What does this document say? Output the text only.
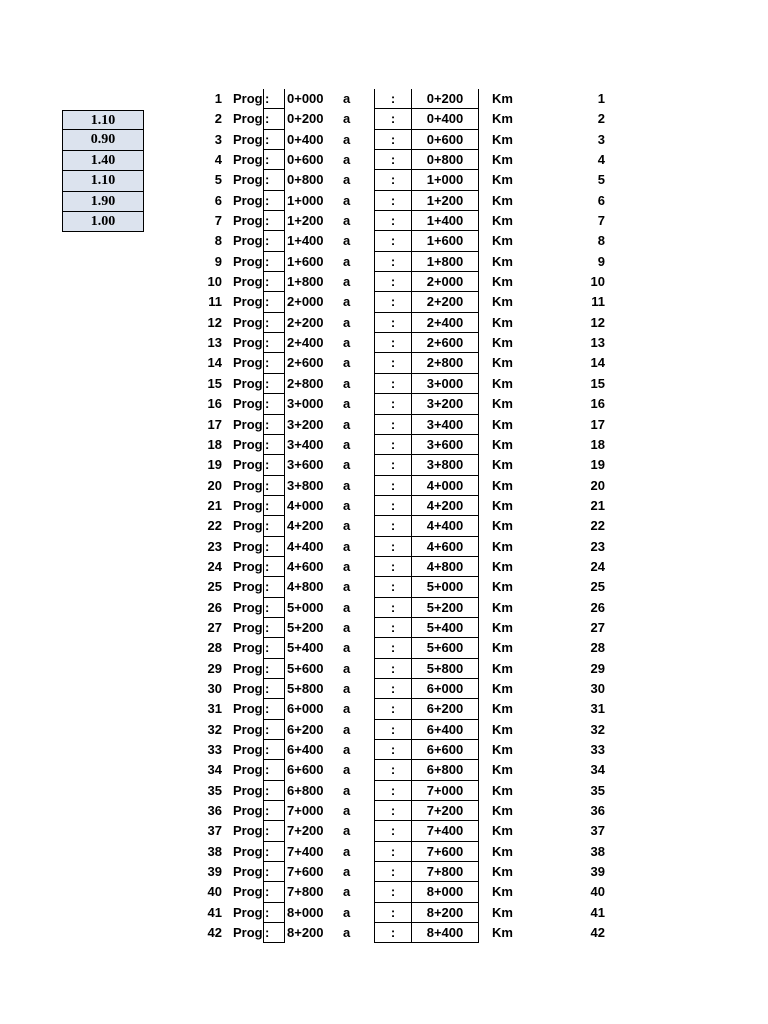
1.10
0.90
1.40
1.10
1.90
1.00
1 Prog :	0+000	a	:	0+200	Km	1
2 Prog :	0+200	a	:	0+400	Km	2
3 Prog :	0+400	a	:	0+600	Km	3
4 Prog :	0+600	a	:	0+800	Km	4
5 Prog :	0+800	a	:	1+000	Km	5
6 Prog :	1+000	a	:	1+200	Km	6
7 Prog :	1+200	a	:	1+400	Km	7
8 Prog :	1+400	a	:	1+600	Km	8
9 Prog :	1+600	a	:	1+800	Km	9
10 Prog :	1+800	a	:	2+000	Km	10
11 Prog :	2+000	a	:	2+200	Km	11
12 Prog :	2+200	a	:	2+400	Km	12
13 Prog :	2+400	a	:	2+600	Km	13
14 Prog :	2+600	a	:	2+800	Km	14
15 Prog :	2+800	a	:	3+000	Km	15
16 Prog :	3+000	a	:	3+200	Km	16
17 Prog :	3+200	a	:	3+400	Km	17
18 Prog :	3+400	a	:	3+600	Km	18
19 Prog :	3+600	a	:	3+800	Km	19
20 Prog :	3+800	a	:	4+000	Km	20
21 Prog :	4+000	a	:	4+200	Km	21
22 Prog :	4+200	a	:	4+400	Km	22
23 Prog :	4+400	a	:	4+600	Km	23
24 Prog :	4+600	a	:	4+800	Km	24
25 Prog :	4+800	a	:	5+000	Km	25
26 Prog :	5+000	a	:	5+200	Km	26
27 Prog :	5+200	a	:	5+400	Km	27
28 Prog :	5+400	a	:	5+600	Km	28
29 Prog :	5+600	a	:	5+800	Km	29
30 Prog :	5+800	a	:	6+000	Km	30
31 Prog :	6+000	a	:	6+200	Km	31
32 Prog :	6+200	a	:	6+400	Km	32
33 Prog :	6+400	a	:	6+600	Km	33
34 Prog :	6+600	a	:	6+800	Km	34
35 Prog :	6+800	a	:	7+000	Km	35
36 Prog :	7+000	a	:	7+200	Km	36
37 Prog :	7+200	a	:	7+400	Km	37
38 Prog :	7+400	a	:	7+600	Km	38
39 Prog :	7+600	a	:	7+800	Km	39
40 Prog :	7+800	a	:	8+000	Km	40
41 Prog :	8+000	a	:	8+200	Km	41
42 Prog :	8+200	a	:	8+400	Km	42
